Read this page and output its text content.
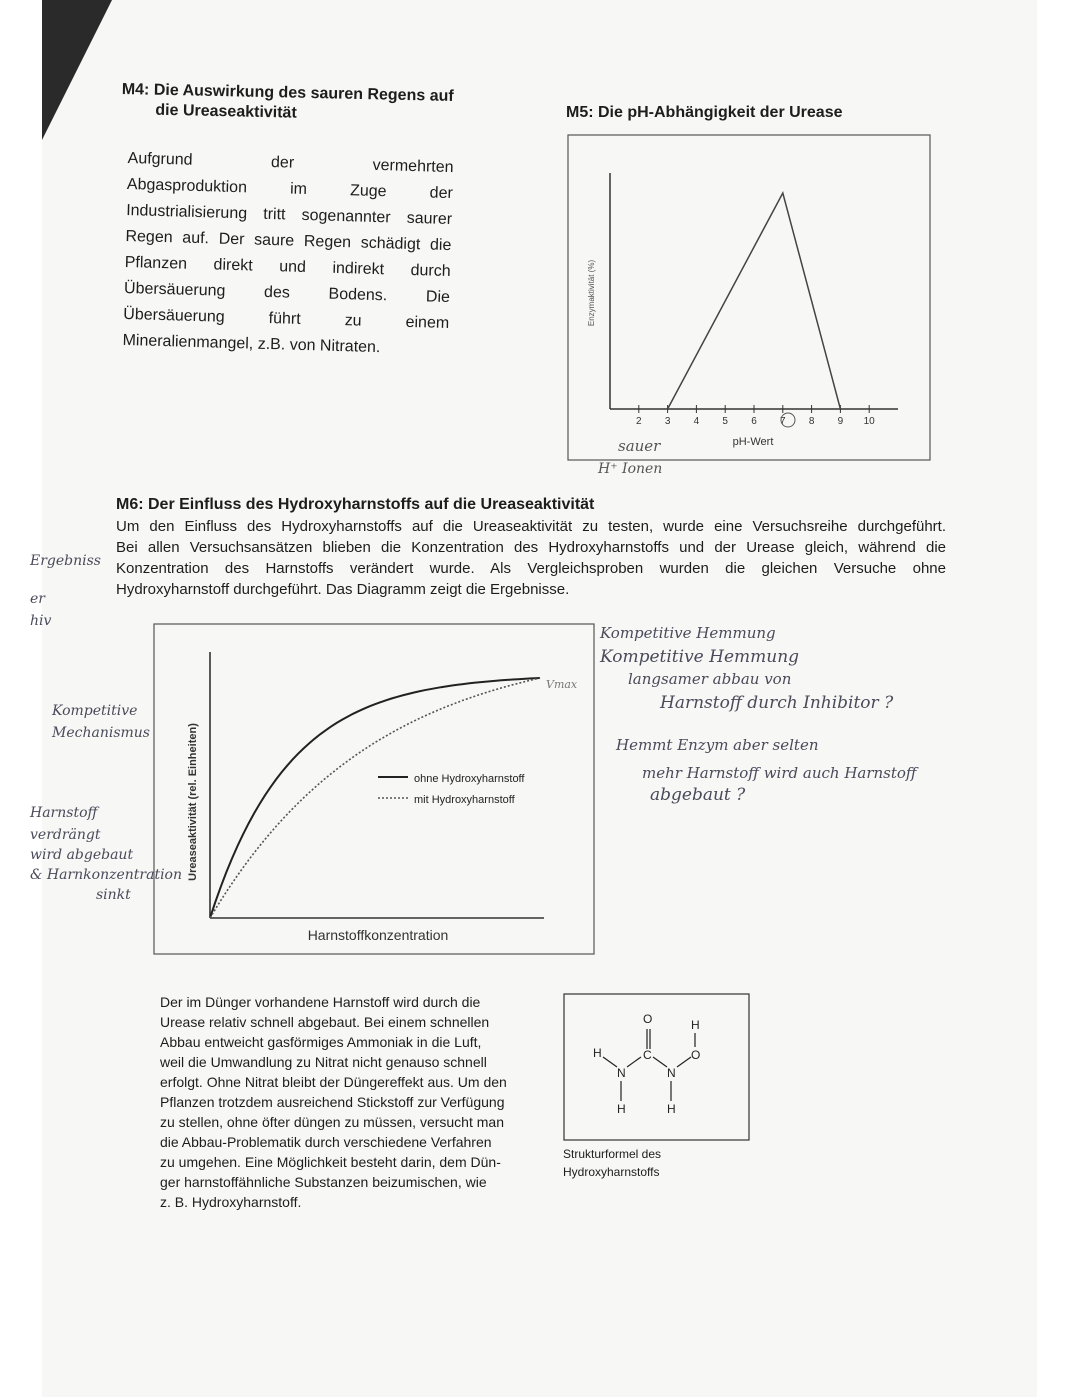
M4: Die Auswirkung des sauren Regens auf
die Ureaseaktivität
Aufgrund der vermehrten
Abgasproduktion im Zuge der
Industrialisierung tritt sogenannter saurer
Regen auf. Der saure Regen schädigt die
Pflanzen direkt und indirekt durch
Übersäuerung des Bodens. Die
Übersäuerung führt zu einem
Mineralienmangel, z.B. von Nitraten.
M5: Die pH-Abhängigkeit der Urease
Enzymaktivität (%)
2 3 4 5 6 7 8 9 10
pH-Wert
sauer
H⁺ Ionen
M6: Der Einfluss des Hydroxyharnstoffs auf die Ureaseaktivität
Um den Einfluss des Hydroxyharnstoffs auf die Ureaseaktivität zu testen, wurde eine Versuchsreihe durchgeführt.
Bei allen Versuchsansätzen blieben die Konzentration des Hydroxyharnstoffs und der Urease gleich, während die
Konzentration des Harnstoffs verändert wurde. Als Vergleichsproben wurden die gleichen Versuche ohne
Hydroxyharnstoff durchgeführt. Das Diagramm zeigt die Ergebnisse.
Ureaseaktivität (rel. Einheiten)
Harnstoffkonzentration
ohne Hydroxyharnstoff
mit Hydroxyharnstoff
Vmax
Kompetitive Hemmung
Kompetitive Hemmung
langsamer abbau von
Harnstoff durch Inhibitor ?
Hemmt Enzym aber selten
mehr Harnstoff wird auch Harnstoff
abgebaut ?
Ergebniss
er
hiv
Kompetitive
Mechanismus
Harnstoff
verdrängt
wird abgebaut
& Harnkonzentration
sinkt
Der im Dünger vorhandene Harnstoff wird durch die
Urease relativ schnell abgebaut. Bei einem schnellen
Abbau entweicht gasförmiges Ammoniak in die Luft,
weil die Umwandlung zu Nitrat nicht genauso schnell
erfolgt. Ohne Nitrat bleibt der Düngereffekt aus. Um den
Pflanzen trotzdem ausreichend Stickstoff zur Verfügung
zu stellen, ohne öfter düngen zu müssen, versucht man
die Abbau-Problematik durch verschiedene Verfahren
zu umgehen. Eine Möglichkeit besteht darin, dem Dün-
ger harnstoffähnliche Substanzen beizumischen, wie
z. B. Hydroxyharnstoff.
H
N
H
C
O
N
H
O
H
Strukturformel des
Hydroxyharnstoffs
